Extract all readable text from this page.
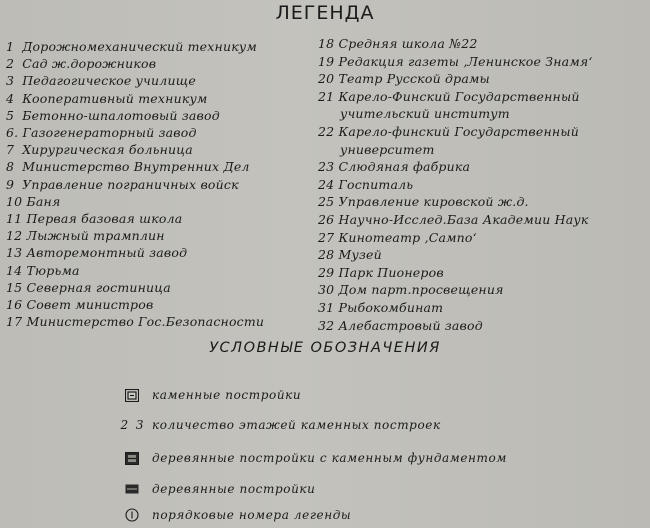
ЛЕГЕНДА
1 Дорожномеханический техникум
2 Сад ж.дорожников
3 Педагогическое училище
4 Кооперативный техникум
5 Бетонно-шпалотовый завод
6. Газогенераторный завод
7 Хирургическая больница
8 Министерство Внутренних Дел
9 Управление пограничных войск
10 Баня
11 Первая базовая школа
12 Лыжный трамплин
13 Авторемонтный завод
14 Тюрьма
15 Северная гостиница
16 Совет министров
17 Министерство Гос.Безопасности
18 Средняя школа №22
19 Редакция газеты ‚Ленинское Знамя‘
20 Театр Русской драмы
21 Карело-Финский Государственный
учительский институт
22 Карело-финский Государственный
университет
23 Слюдяная фабрика
24 Госпиталь
25 Управление кировской ж.д.
26 Научно-Исслед.База Академии Наук
27 Кинотеатр ‚Сампо‘
28 Музей
29 Парк Пионеров
30 Дом парт.просвещения
31 Рыбокомбинат
32 Алебастровый завод
УСЛОВНЫЕ ОБОЗНАЧЕНИЯ
каменные постройки
2 3 количество этажей каменных построек
деревянные постройки с каменным фундаментом
деревянные постройки
порядковые номера легенды
